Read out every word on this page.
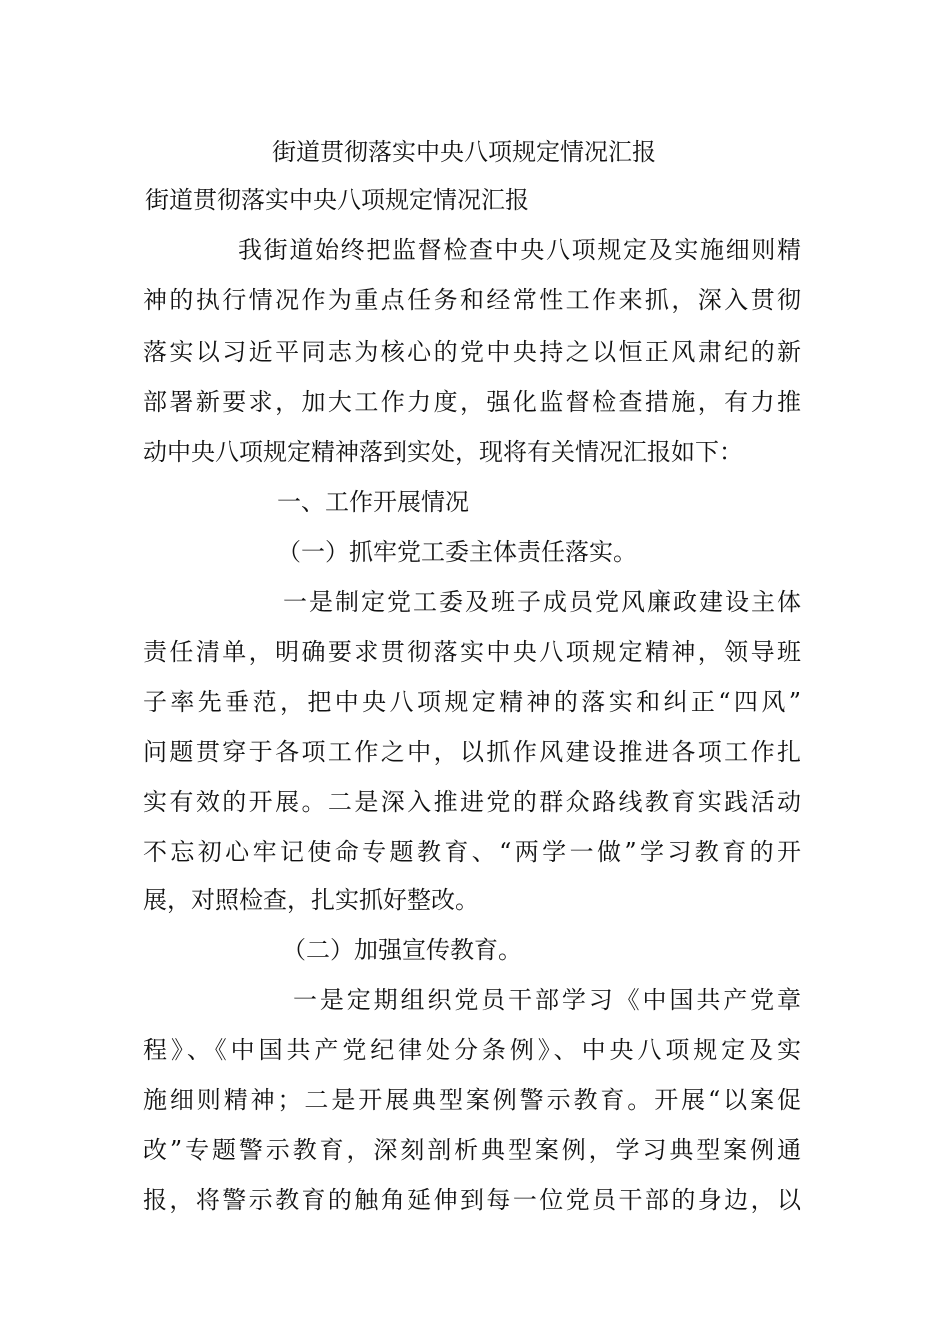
街道贯彻落实中央八项规定情况汇报
街道贯彻落实中央八项规定情况汇报
我街道始终把监督检查中央八项规定及实施细则精
神的执行情况作为重点任务和经常性工作来抓，深入贯彻
落实以习近平同志为核心的党中央持之以恒正风肃纪的新
部署新要求，加大工作力度，强化监督检查措施，有力推
动中央八项规定精神落到实处，现将有关情况汇报如下：
一、工作开展情况
（一）抓牢党工委主体责任落实。
一是制定党工委及班子成员党风廉政建设主体
责任清单，明确要求贯彻落实中央八项规定精神，领导班
子率先垂范，把中央八项规定精神的落实和纠正“四风”
问题贯穿于各项工作之中，以抓作风建设推进各项工作扎
实有效的开展。二是深入推进党的群众路线教育实践活动
不忘初心牢记使命专题教育、“两学一做”学习教育的开
展，对照检查，扎实抓好整改。
（二）加强宣传教育。
一是定期组织党员干部学习《中国共产党章
程》、《中国共产党纪律处分条例》、中央八项规定及实
施细则精神；二是开展典型案例警示教育。开展“以案促
改”专题警示教育，深刻剖析典型案例，学习典型案例通
报，将警示教育的触角延伸到每一位党员干部的身边，以
